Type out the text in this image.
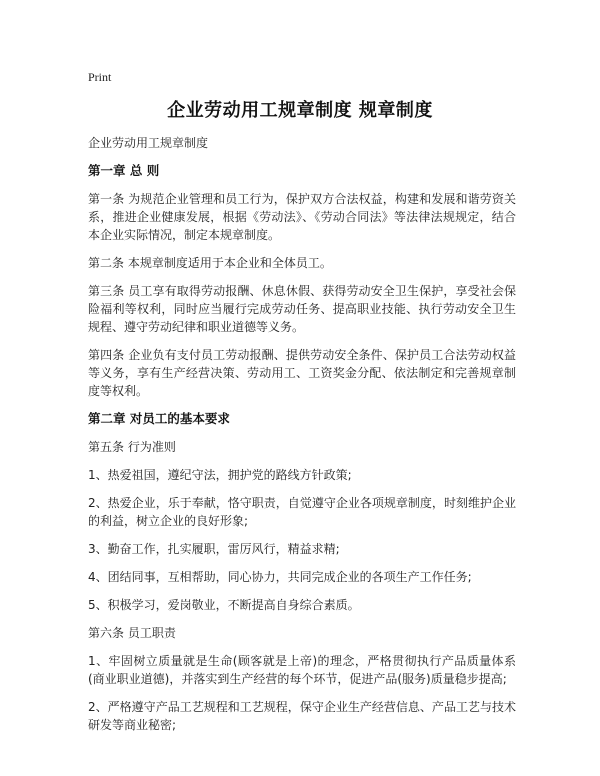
Print
企业劳动用工规章制度 规章制度
企业劳动用工规章制度
第一章 总 则
第一条 为规范企业管理和员工行为，保护双方合法权益，构建和发展和谐劳资关系，推进企业健康发展，根据《劳动法》、《劳动合同法》等法律法规规定，结合本企业实际情况，制定本规章制度。
第二条 本规章制度适用于本企业和全体员工。
第三条 员工享有取得劳动报酬、休息休假、获得劳动安全卫生保护，享受社会保险福利等权利，同时应当履行完成劳动任务、提高职业技能、执行劳动安全卫生规程、遵守劳动纪律和职业道德等义务。
第四条 企业负有支付员工劳动报酬、提供劳动安全条件、保护员工合法劳动权益等义务，享有生产经营决策、劳动用工、工资奖金分配、依法制定和完善规章制度等权利。
第二章 对员工的基本要求
第五条 行为准则
1、热爱祖国，遵纪守法，拥护党的路线方针政策;
2、热爱企业，乐于奉献，恪守职责，自觉遵守企业各项规章制度，时刻维护企业的利益，树立企业的良好形象;
3、勤奋工作，扎实履职，雷厉风行，精益求精;
4、团结同事，互相帮助，同心协力，共同完成企业的各项生产工作任务;
5、积极学习，爱岗敬业，不断提高自身综合素质。
第六条 员工职责
1、牢固树立质量就是生命(顾客就是上帝)的理念，严格贯彻执行产品质量体系(商业职业道德)，并落实到生产经营的每个环节，促进产品(服务)质量稳步提高;
2、严格遵守产品工艺规程和工艺规程，保守企业生产经营信息、产品工艺与技术研发等商业秘密;
